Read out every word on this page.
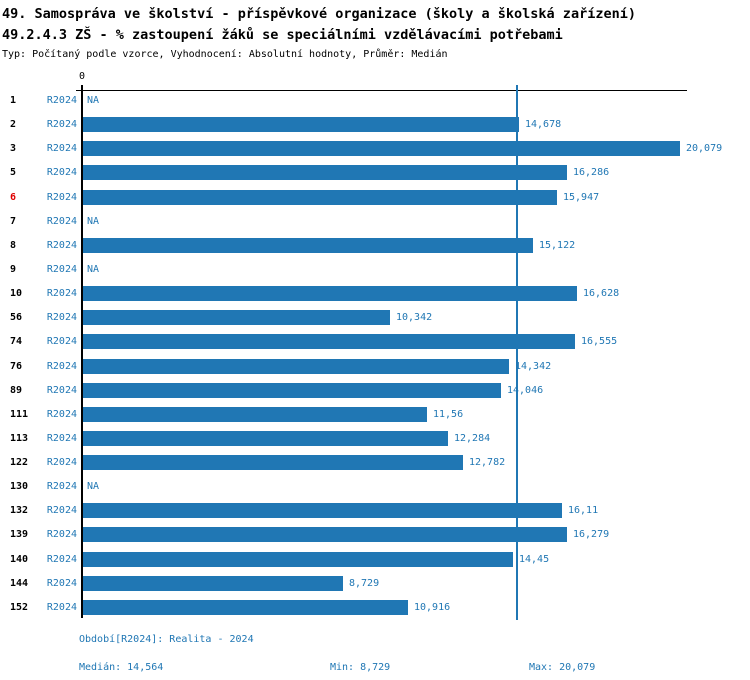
49. Samospráva ve školství - příspěvkové organizace (školy a školská zařízení)
49.2.4.3 ZŠ - % zastoupení žáků se speciálními vzdělávacími potřebami
Typ: Počítaný podle vzorce, Vyhodnocení: Absolutní hodnoty, Průměr: Medián
0
1	R2024 NA
2	R2024	14,678
3	R2024	20,079
5	R2024	16,286
6	R2024	15,947
7	R2024 NA
8	R2024	15,122
9	R2024 NA
10	R2024	16,628
56	R2024	10,342
74	R2024	16,555
76	R2024	14,342
89	R2024	14,046
111	R2024	11,56
113	R2024	12,284
122	R2024	12,782
130	R2024 NA
132	R2024	16,11
139	R2024	16,279
140	R2024	14,45
144	R2024	8,729
152	R2024	10,916
Období[R2024]: Realita - 2024
Medián: 14,564	Min: 8,729	Max: 20,079
